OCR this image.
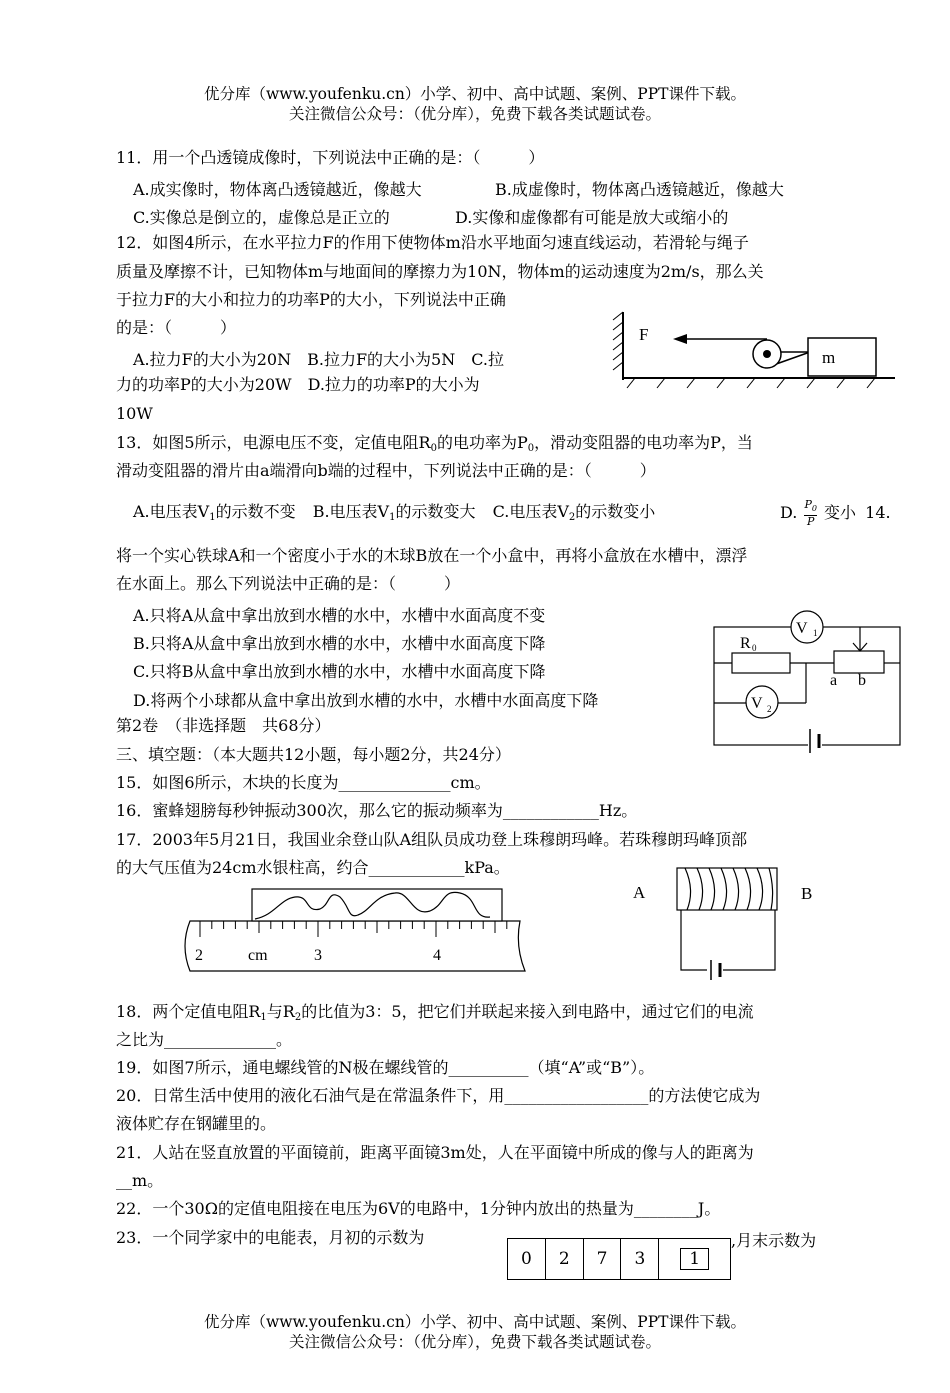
优分库（www.youfenku.cn）小学、初中、高中试题、案例、PPT课件下载。
关注微信公众号：（优分库），免费下载各类试题试卷。
11．用一个凸透镜成像时，下列说法中正确的是：（　　　）
A.成实像时，物体离凸透镜越近，像越大	B.成虚像时，物体离凸透镜越近，像越大
C.实像总是倒立的，虚像总是正立的	D.实像和虚像都有可能是放大或缩小的
12．如图4所示，在水平拉力F的作用下使物体m沿水平地面匀速直线运动，若滑轮与绳子
质量及摩擦不计，已知物体m与地面间的摩擦力为10N，物体m的运动速度为2m/s，那么关
于拉力F的大小和拉力的功率P的大小，下列说法中正确
的是：（　　　）
A.拉力F的大小为20N　B.拉力F的大小为5N　C.拉
力的功率P的大小为20W　D.拉力的功率P的大小为
10W
F
m
13．如图5所示，电源电压不变，定值电阻$R_0$的电功率为$P_0$，滑动变阻器的电功率为P，当
滑动变阻器的滑片由a端滑向b端的过程中，下列说法中正确的是：（　　　）
A.电压表$V_1$的示数不变 B.电压表$V_1$的示数变大 C.电压表$V_2$的示数变小	D. $\frac{P_0}{P}$ 变小 14.
将一个实心铁球A和一个密度小于水的木球B放在一个小盒中，再将小盒放在水槽中，漂浮
在水面上。那么下列说法中正确的是：（　　　）
A.只将A从盒中拿出放到水槽的水中，水槽中水面高度不变
B.只将A从盒中拿出放到水槽的水中，水槽中水面高度下降
C.只将B从盒中拿出放到水槽的水中，水槽中水面高度下降
D.将两个小球都从盒中拿出放到水槽的水中，水槽中水面高度下降
V 1
R 0
a b
V 2
第2卷　（非选择题　共68分）
三、填空题：（本大题共12小题，每小题2分，共24分）
15．如图6所示，木块的长度为______________cm。
16．蜜蜂翅膀每秒钟振动300次，那么它的振动频率为____________Hz。
17．2003年5月21日，我国业余登山队A组队员成功登上珠穆朗玛峰。若珠穆朗玛峰顶部
的大气压值为24cm水银柱高，约合____________kPa。
2	cm	3	4
A	B
18．两个定值电阻$R_1$与$R_2$的比值为3：5，把它们并联起来接入到电路中，通过它们的电流
之比为______________。
19．如图7所示，通电螺线管的N极在螺线管的__________（填“A”或“B”）。
20．日常生活中使用的液化石油气是在常温条件下，用__________________的方法使它成为
液体贮存在钢罐里的。
21．人站在竖直放置的平面镜前，距离平面镜3m处，人在平面镜中所成的像与人的距离为
__m。
22．一个30Ω的定值电阻接在电压为6V的电路中，1分钟内放出的热量为________J。
23．一个同学家中的电能表，月初的示数为	,月末示数为
0	2	7	3	1
优分库（www.youfenku.cn）小学、初中、高中试题、案例、PPT课件下载。
关注微信公众号：（优分库），免费下载各类试题试卷。
